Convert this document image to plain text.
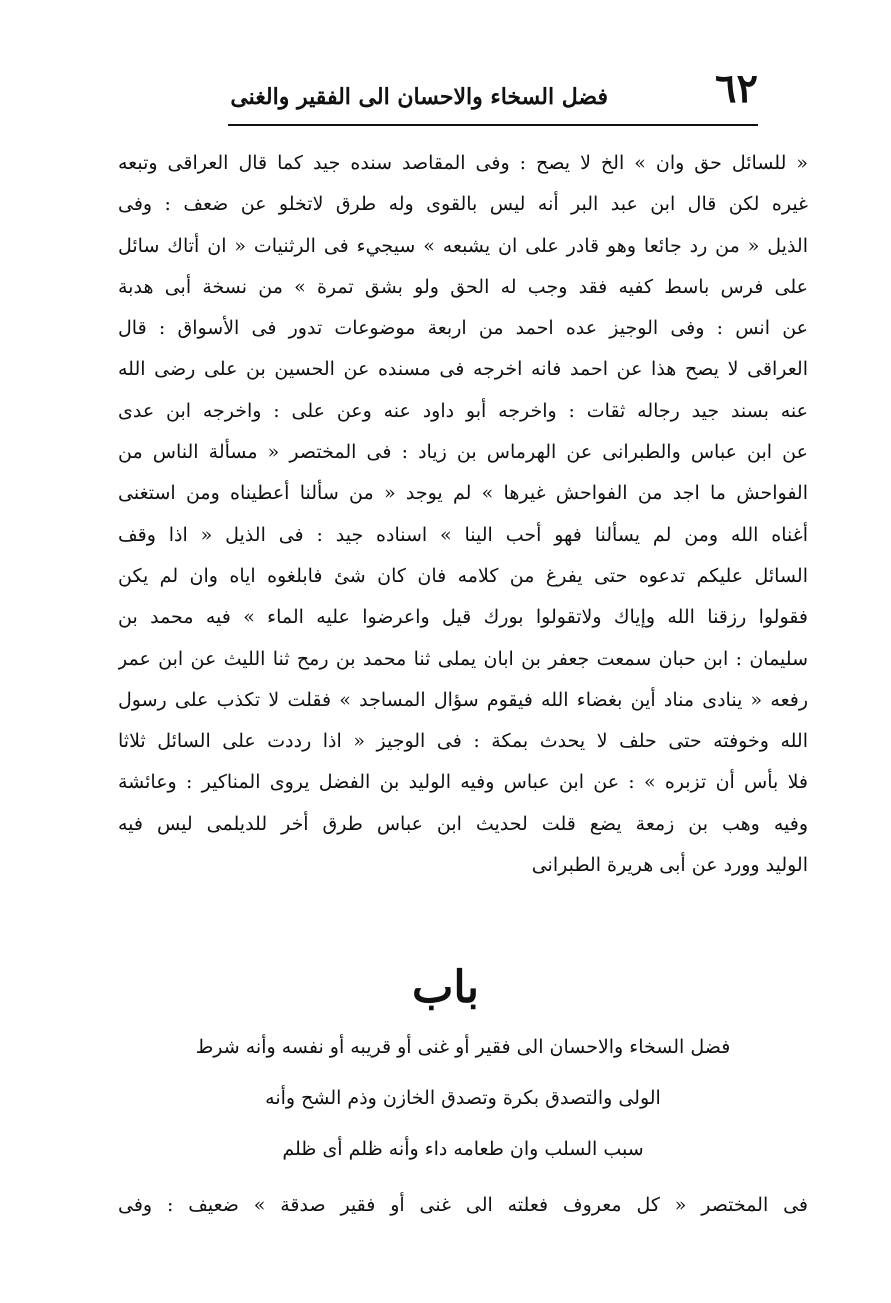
٦٢
فضل السخاء والاحسان الى الفقير والغنى
« للسائل حق وان » الخ لا يصح : وفى المقاصد سنده جيد كما قال العراقى وتبعه
غيره لكن قال ابن عبد البر أنه ليس بالقوى وله طرق لاتخلو عن ضعف : وفى
الذيل « من رد جائعا وهو قادر على ان يشبعه » سيجيء فى الرثنيات « ان أتاك سائل
على فرس باسط كفيه فقد وجب له الحق ولو بشق تمرة » من نسخة أبى هدبة
عن انس : وفى الوجيز عده احمد من اربعة موضوعات تدور فى الأسواق : قال
العراقى لا يصح هذا عن احمد فانه اخرجه فى مسنده عن الحسين بن على رضى الله
عنه بسند جيد رجاله ثقات : واخرجه أبو داود عنه وعن على : واخرجه ابن عدى
عن ابن عباس والطبرانى عن الهرماس بن زياد : فى المختصر « مسألة الناس من
الفواحش ما اجد من الفواحش غيرها » لم يوجد « من سألنا أعطيناه ومن استغنى
أغناه الله ومن لم يسألنا فهو أحب الينا » اسناده جيد : فى الذيل « اذا وقف
السائل عليكم تدعوه حتى يفرغ من كلامه فان كان شئ فابلغوه اياه وان لم يكن
فقولوا رزقنا الله وإياك ولاتقولوا بورك قيل واعرضوا عليه الماء » فيه محمد بن
سليمان : ابن حبان سمعت جعفر بن ابان يملى ثنا محمد بن رمح ثنا الليث عن ابن عمر
رفعه « ينادى مناد أين بغضاء الله فيقوم سؤال المساجد » فقلت لا تكذب على رسول
الله وخوفته حتى حلف لا يحدث بمكة : فى الوجيز « اذا رددت على السائل ثلاثا
فلا بأس أن تزبره » : عن ابن عباس وفيه الوليد بن الفضل يروى المناكير : وعائشة
وفيه وهب بن زمعة يضع قلت لحديث ابن عباس طرق أخر للديلمى ليس فيه
الوليد وورد عن أبى هريرة الطبرانى
باب
فضل السخاء والاحسان الى فقير أو غنى أو قريبه أو نفسه وأنه شرط
الولى والتصدق بكرة وتصدق الخازن وذم الشح وأنه
سبب السلب وان طعامه داء وأنه ظلم أى ظلم
فى المختصر « كل معروف فعلته الى غنى أو فقير صدقة » ضعيف : وفى
